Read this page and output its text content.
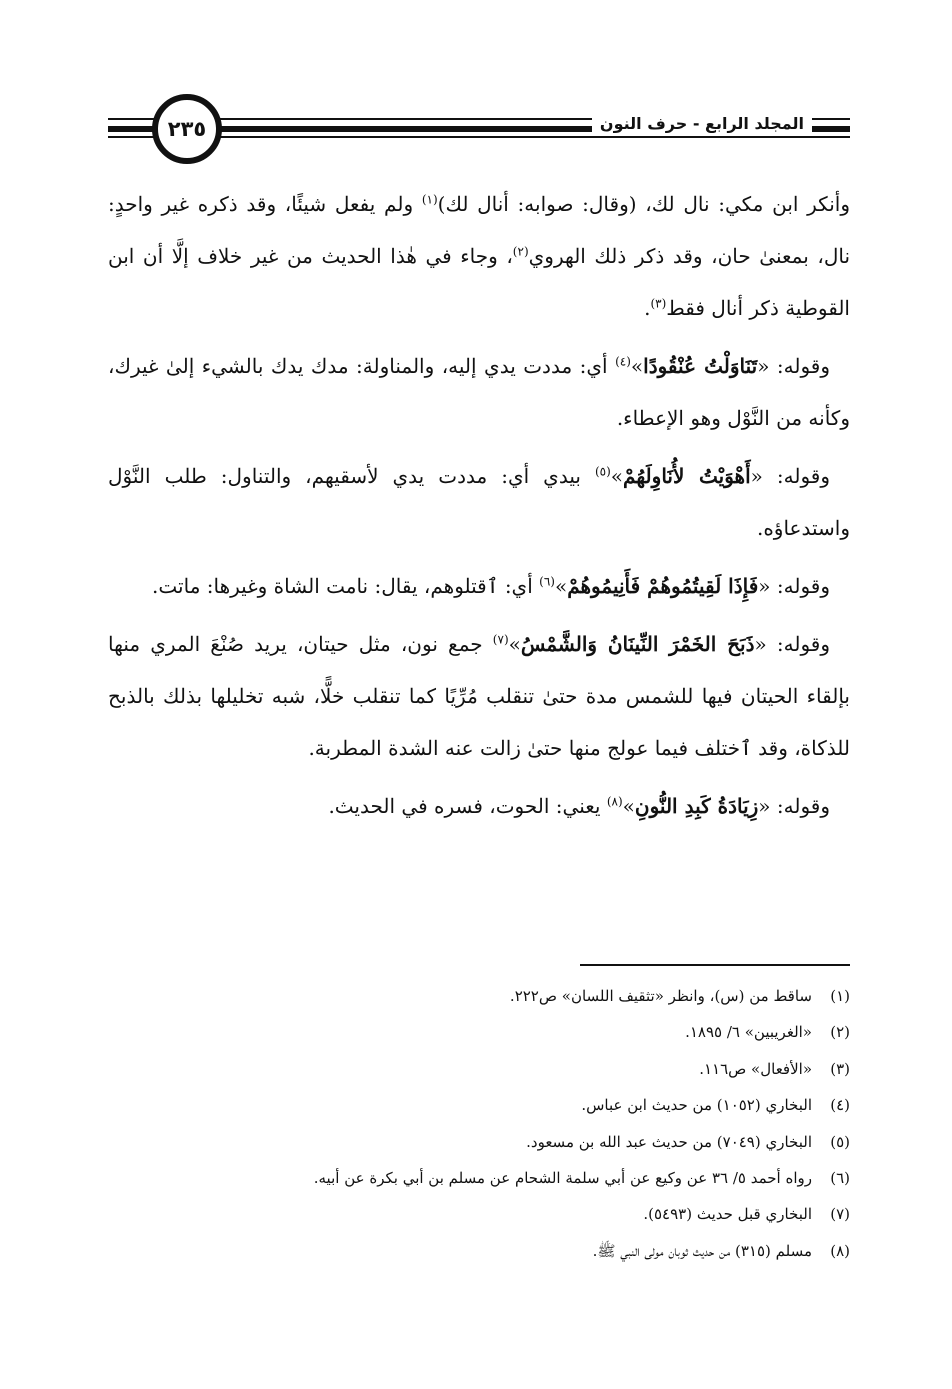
٢٣٥	المجلد الرابع - حرف النون

وأنكر ابن مكي: نال لك، (وقال: صوابه: أنال لك)$^{(١)}$ ولم يفعل شيئًا، وقد ذكره غير واحدٍ: نال، بمعنىٰ حان، وقد ذكر ذلك الهروي$^{(٢)}$، وجاء في هٰذا الحديث من غير خلاف إلَّا أن ابن القوطية ذكر أنال فقط$^{(٣)}$.

 وقوله: «تَنَاوَلْتُ عُنْقُودًا»$^{(٤)}$ أي: مددت يدي إليه، والمناولة: مدك يدك بالشيء إلىٰ غيرك، وكأنه من النَّوْل وهو الإعطاء.

 وقوله: «أَهْوَيْتُ لأُنَاوِلَهُمْ»$^{(٥)}$ بيدي أي: مددت يدي لأسقيهم، والتناول: طلب النَّوْل واستدعاؤه.

 وقوله: «فَإِذَا لَقِيتُمُوهُمْ فَأَنِيمُوهُمْ»$^{(٦)}$ أي: ٱقتلوهم، يقال: نامت الشاة وغيرها: ماتت.

 وقوله: «ذَبَحَ الخَمْرَ النِّينَانُ وَالشَّمْسُ»$^{(٧)}$ جمع نون، مثل حيتان، يريد صُنْعَ المري منها بإلقاء الحيتان فيها للشمس مدة حتىٰ تنقلب مُرِّيًا كما تنقلب خلًّا، شبه تخليلها بذلك بالذبح للذكاة، وقد ٱختلف فيما عولج منها حتىٰ زالت عنه الشدة المطربة.

 وقوله: «زِيَادَةُ كَبِدِ النُّونِ»$^{(٨)}$ يعني: الحوت، فسره في الحديث.

(١)
ساقط من (س)، وانظر «تثقيف اللسان» ص٢٢٢.
(٢)
«الغريبين» ٦/ ١٨٩٥.
(٣)
«الأفعال» ص١١٦.
(٤)
البخاري (١٠٥٢) من حديث ابن عباس.
(٥)
البخاري (٧٠٤٩) من حديث عبد الله بن مسعود.
(٦)
رواه أحمد ٥/ ٣٦ عن وكيع عن أبي سلمة الشحام عن مسلم بن أبي بكرة عن أبيه.
(٧)
البخاري قبل حديث (٥٤٩٣).
(٨)
مسلم (٣١٥) من حديث ثوبان مولى النبي ﷺ.
